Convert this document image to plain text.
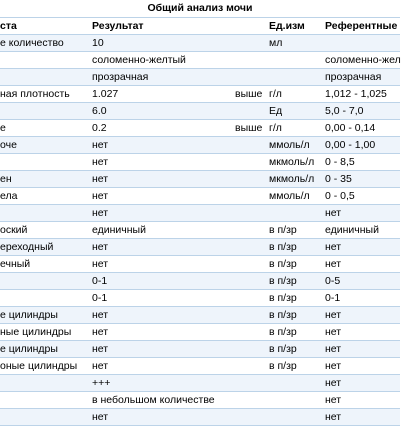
Общий анализ мочи
ста	Результат		Ед.изм	Референтные
е количество	10		мл	
	соломенно-желтый			соломенно-жел
	прозрачная			прозрачная
ная плотность	1.027	выше	г/л	1,012 - 1,025
	6.0		Ед	5,0 - 7,0
е	0.2	выше	г/л	0,00 - 0,14
оче	нет		ммоль/л	0,00 - 1,00
	нет		мкмоль/л	0 - 8,5
ен	нет		мкмоль/л	0 - 35
ела	нет		ммоль/л	0 - 0,5
	нет			нет
оский	единичный		в п/зр	единичный
ереходный	нет		в п/зр	нет
ечный	нет		в п/зр	нет
	0-1		в п/зр	0-5
	0-1		в п/зр	0-1
е цилиндры	нет		в п/зр	нет
ные цилиндры	нет		в п/зр	нет
е цилиндры	нет		в п/зр	нет
оные цилиндры	нет		в п/зр	нет
	+++			нет
	в небольшом количестве			нет
	нет			нет
